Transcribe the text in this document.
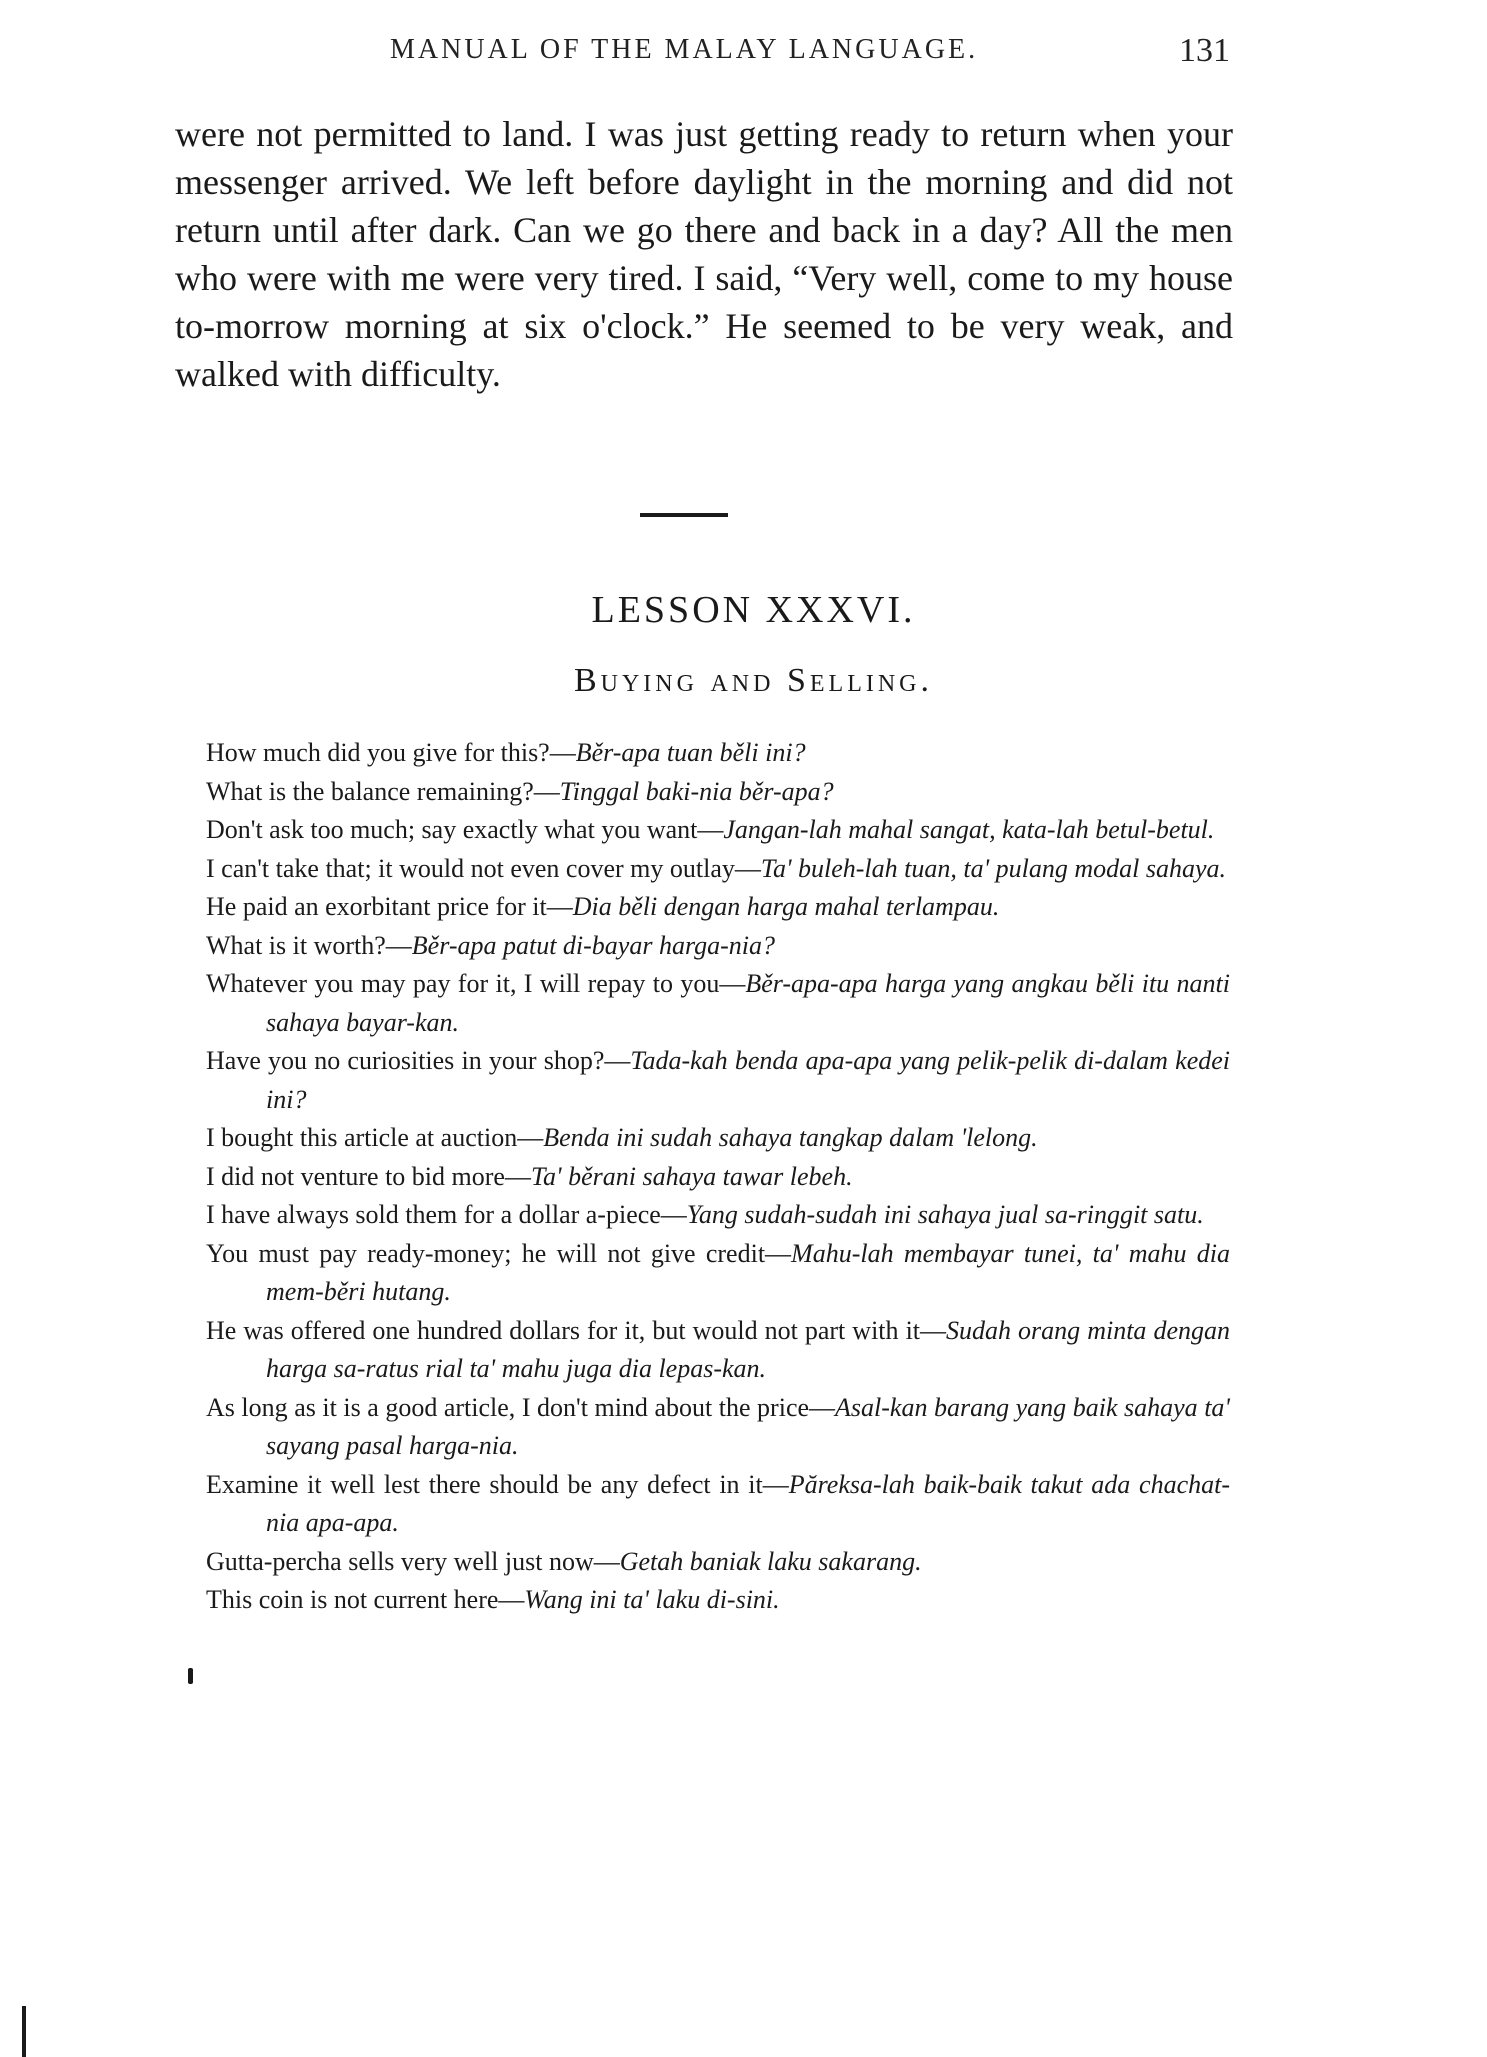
MANUAL OF THE MALAY LANGUAGE.	131

were not permitted to land. I was just getting ready to return when your messenger arrived. We left before daylight in the morning and did not return until after dark. Can we go there and back in a day? All the men who were with me were very tired. I said, “Very well, come to my house to-morrow morning at six o'clock.” He seemed to be very weak, and walked with difficulty.

LESSON XXXVI.
Buying and Selling.
How much did you give for this?—Běr-apa tuan běli ini?
What is the balance remaining?—Tinggal baki-nia běr-apa?
Don't ask too much; say exactly what you want—Jangan-lah mahal sangat, kata-lah betul-betul.
I can't take that; it would not even cover my outlay—Ta' buleh-lah tuan, ta' pulang modal sahaya.
He paid an exorbitant price for it—Dia běli dengan harga mahal terlampau.
What is it worth?—Běr-apa patut di-bayar harga-nia?
Whatever you may pay for it, I will repay to you—Běr-apa-apa harga yang angkau běli itu nanti sahaya bayar-kan.
Have you no curiosities in your shop?—Tada-kah benda apa-apa yang pelik-pelik di-dalam kedei ini?
I bought this article at auction—Benda ini sudah sahaya tangkap dalam 'lelong.
I did not venture to bid more—Ta' běrani sahaya tawar lebeh.
I have always sold them for a dollar a-piece—Yang sudah-sudah ini sahaya jual sa-ringgit satu.
You must pay ready-money; he will not give credit—Mahu-lah membayar tunei, ta' mahu dia mem-běri hutang.
He was offered one hundred dollars for it, but would not part with it—Sudah orang minta dengan harga sa-ratus rial ta' mahu juga dia lepas-kan.
As long as it is a good article, I don't mind about the price—Asal-kan barang yang baik sahaya ta' sayang pasal harga-nia.
Examine it well lest there should be any defect in it—Păreksa-lah baik-baik takut ada chachat-nia apa-apa.
Gutta-percha sells very well just now—Getah baniak laku sakarang.
This coin is not current here—Wang ini ta' laku di-sini.
